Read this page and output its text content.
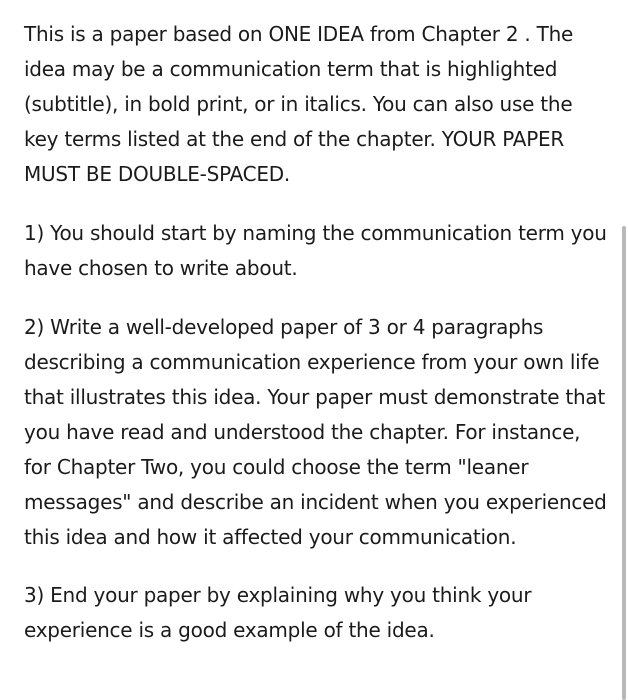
This is a paper based on ONE IDEA from Chapter 2 . The idea may be a communication term that is highlighted (subtitle), in bold print, or in italics. You can also use the key terms listed at the end of the chapter. YOUR PAPER MUST BE DOUBLE-SPACED.

1) You should start by naming the communication term you have chosen to write about.

2) Write a well-developed paper of 3 or 4 paragraphs describing a communication experience from your own life that illustrates this idea. Your paper must demonstrate that you have read and understood the chapter. For instance, for Chapter Two, you could choose the term "leaner messages" and describe an incident when you experienced this idea and how it affected your communication.

3) End your paper by explaining why you think your experience is a good example of the idea.
